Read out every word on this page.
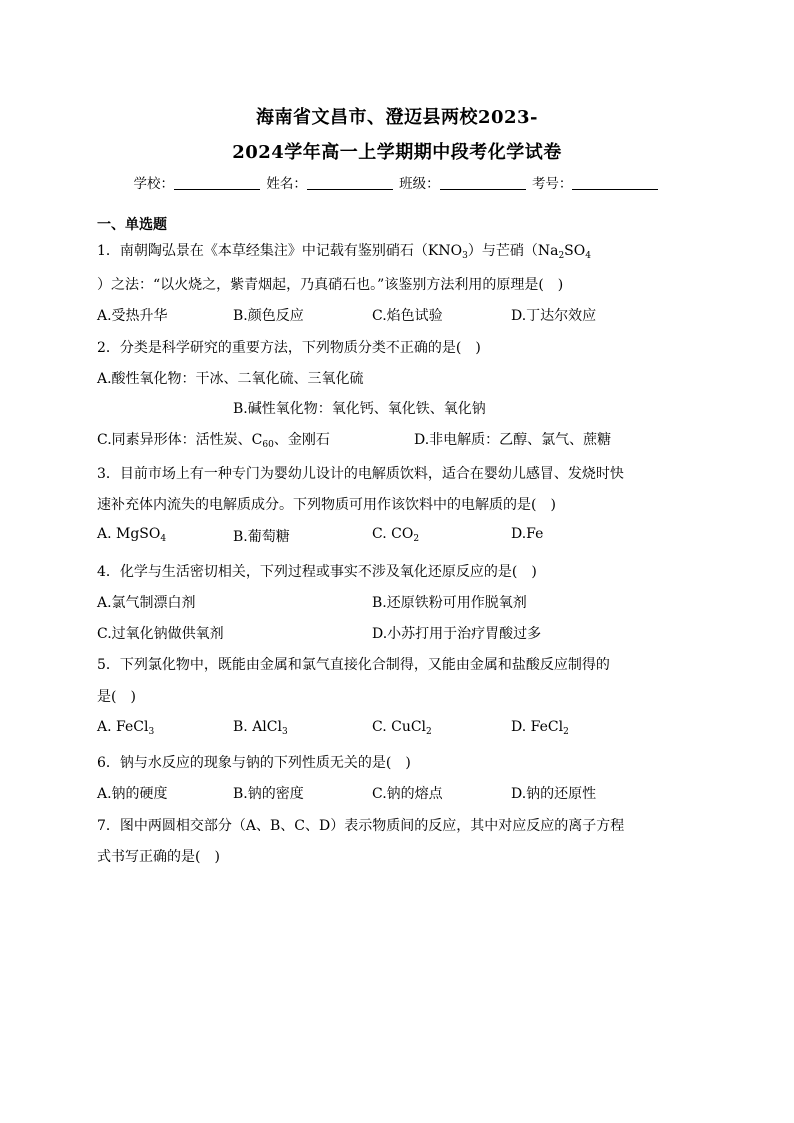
海南省文昌市、澄迈县两校2023-
2024学年高一上学期期中段考化学试卷
学校：	姓名：	班级：	考号：
一、单选题
1．南朝陶弘景在《本草经集注》中记载有鉴别硝石$(KNO_3)$与芒硝（$Na_2SO_4$
）之法：“以火烧之，紫青烟起，乃真硝石也。”该鉴别方法利用的原理是(　)
A.受热升华	B.颜色反应	C.焰色试验	D.丁达尔效应
2．分类是科学研究的重要方法，下列物质分类不正确的是(　)
A.酸性氧化物：干冰、二氧化硫、三氧化硫
B.碱性氧化物：氧化钙、氧化铁、氧化钠
C.同素异形体：活性炭、$C_{60}$、金刚石	D.非电解质：乙醇、氯气、蔗糖
3．目前市场上有一种专门为婴幼儿设计的电解质饮料，适合在婴幼儿感冒、发烧时快
速补充体内流失的电解质成分。下列物质可用作该饮料中的电解质的是(　)
A. MgSO$_4$	B.葡萄糖	C. $CO_2$	D.Fe
4．化学与生活密切相关，下列过程或事实不涉及氧化还原反应的是(　)
A.氯气制漂白剂	B.还原铁粉可用作脱氧剂
C.过氧化钠做供氧剂	D.小苏打用于治疗胃酸过多
5．下列氯化物中，既能由金属和氯气直接化合制得，又能由金属和盐酸反应制得的
是(　)
A. FeCl$_3$	B. AlCl$_3$	C. CuCl$_2$	D. FeCl$_2$
6．钠与水反应的现象与钠的下列性质无关的是(　)
A.钠的硬度	B.钠的密度	C.钠的熔点	D.钠的还原性
7．图中两圆相交部分（A、B、C、D）表示物质间的反应，其中对应反应的离子方程
式书写正确的是(　)
